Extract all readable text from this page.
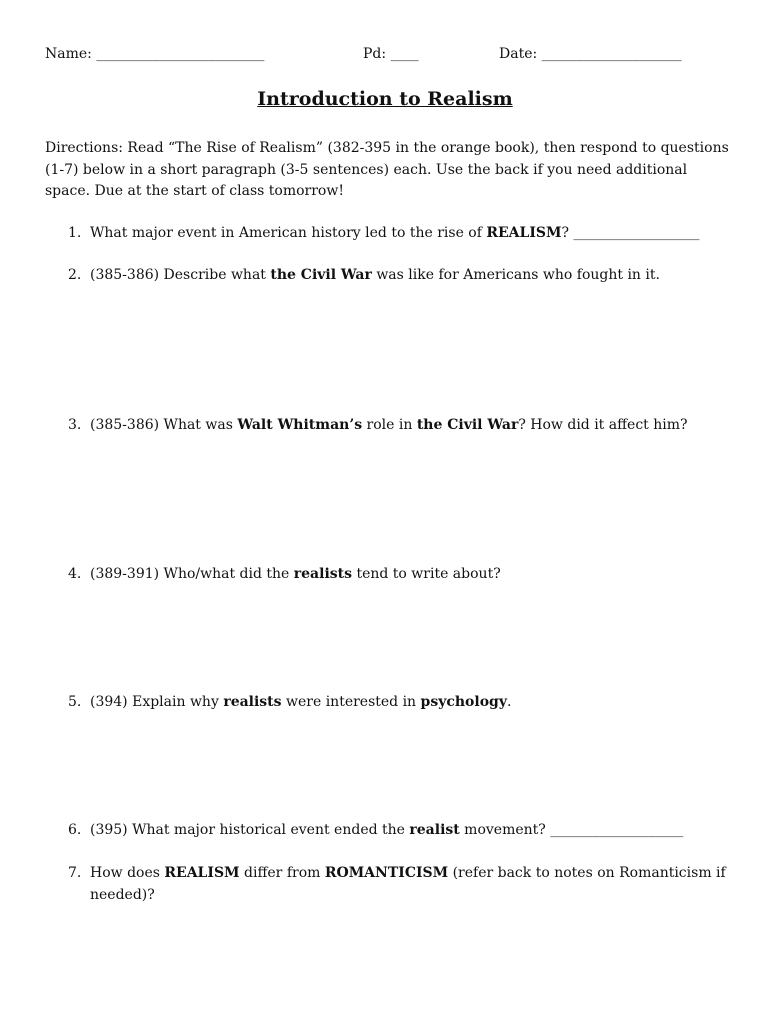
Name: ________________________	Pd: ____	Date: ____________________
Introduction to Realism
Directions: Read “The Rise of Realism” (382-395 in the orange book), then respond to questions (1-7) below in a short paragraph (3-5 sentences) each. Use the back if you need additional space. Due at the start of class tomorrow!
1. What major event in American history led to the rise of REALISM? __________________
2. (385-386) Describe what the Civil War was like for Americans who fought in it.
3. (385-386) What was Walt Whitman’s role in the Civil War? How did it affect him?
4. (389-391) Who/what did the realists tend to write about?
5. (394) Explain why realists were interested in psychology.
6. (395) What major historical event ended the realist movement? ___________________
7. How does REALISM differ from ROMANTICISM (refer back to notes on Romanticism if needed)?
